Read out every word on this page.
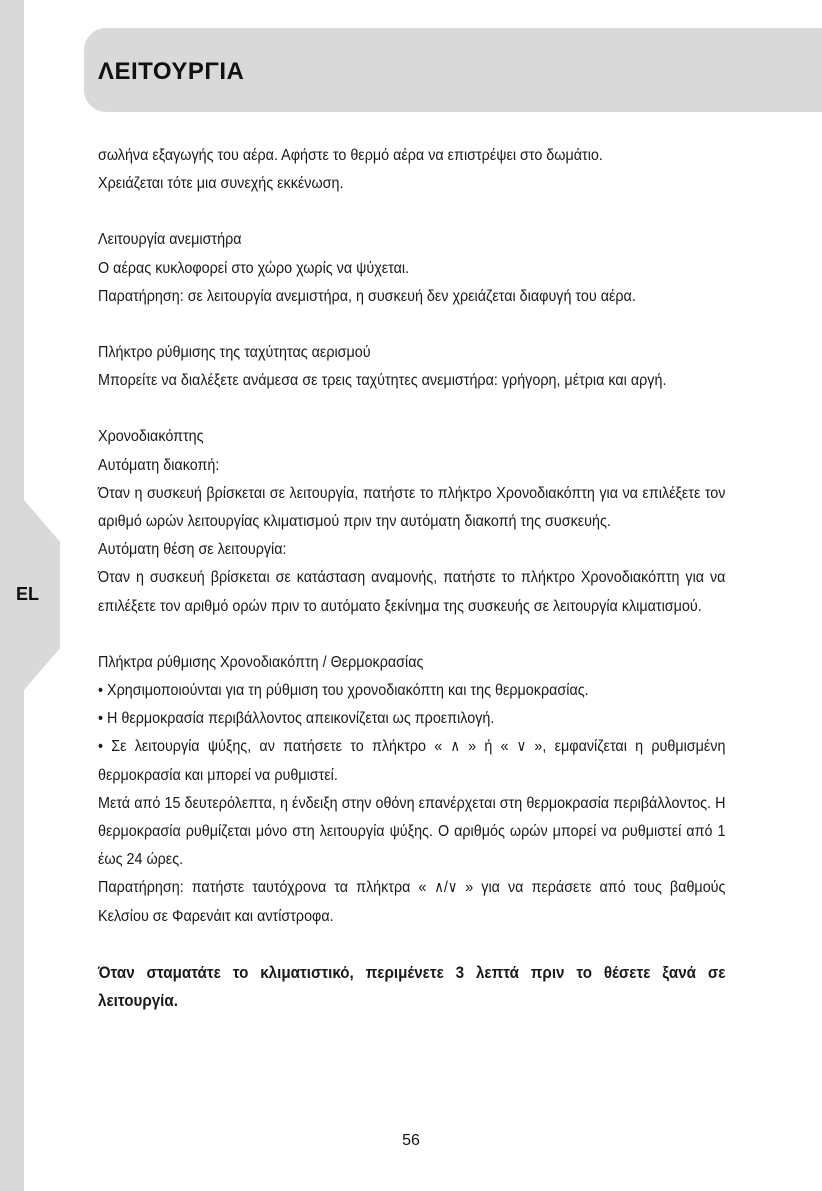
EL
ΛΕΙΤΟΥΡΓΙΑ

σωλήνα εξαγωγής του αέρα. Αφήστε το θερμό αέρα να επιστρέψει στο δωμάτιο.

Χρειάζεται τότε μια συνεχής εκκένωση.

Λειτουργία ανεμιστήρα

Ο αέρας κυκλοφορεί στο χώρο χωρίς να ψύχεται.

Παρατήρηση: σε λειτουργία ανεμιστήρα, η συσκευή δεν χρειάζεται διαφυγή του αέρα.

Πλήκτρο ρύθμισης της ταχύτητας αερισμού

Μπορείτε να διαλέξετε ανάμεσα σε τρεις ταχύτητες ανεμιστήρα: γρήγορη, μέτρια και αργή.

Χρονοδιακόπτης

Αυτόματη διακοπή:

Όταν η συσκευή βρίσκεται σε λειτουργία, πατήστε το πλήκτρο Χρονοδιακόπτη για να επιλέξετε τον αριθμό ωρών λειτουργίας κλιματισμού πριν την αυτόματη διακοπή της συσκευής.

Αυτόματη θέση σε λειτουργία:

Όταν η συσκευή βρίσκεται σε κατάσταση αναμονής, πατήστε το πλήκτρο Χρονοδιακόπτη για να επιλέξετε τον αριθμό ορών πριν το αυτόματο ξεκίνημα της συσκευής σε λειτουργία κλιματισμού.

Πλήκτρα ρύθμισης Χρονοδιακόπτη / Θερμοκρασίας

• Χρησιμοποιούνται για τη ρύθμιση του χρονοδιακόπτη και της θερμοκρασίας.

• Η θερμοκρασία περιβάλλοντος απεικονίζεται ως προεπιλογή.

• Σε λειτουργία ψύξης, αν πατήσετε το πλήκτρο « ∧ » ή « ∨ », εμφανίζεται η ρυθμισμένη θερμοκρασία και μπορεί να ρυθμιστεί.

Μετά από 15 δευτερόλεπτα, η ένδειξη στην οθόνη επανέρχεται στη θερμοκρασία περιβάλλοντος. Η θερμοκρασία ρυθμίζεται μόνο στη λειτουργία ψύξης. Ο αριθμός ωρών μπορεί να ρυθμιστεί από 1 έως 24 ώρες.

Παρατήρηση: πατήστε ταυτόχρονα τα πλήκτρα « ∧/∨ » για να περάσετε από τους βαθμούς Κελσίου σε Φαρενάιτ και αντίστροφα.

Όταν σταματάτε το κλιματιστικό, περιμένετε 3 λεπτά πριν το θέσετε ξανά σε λειτουργία.

56
